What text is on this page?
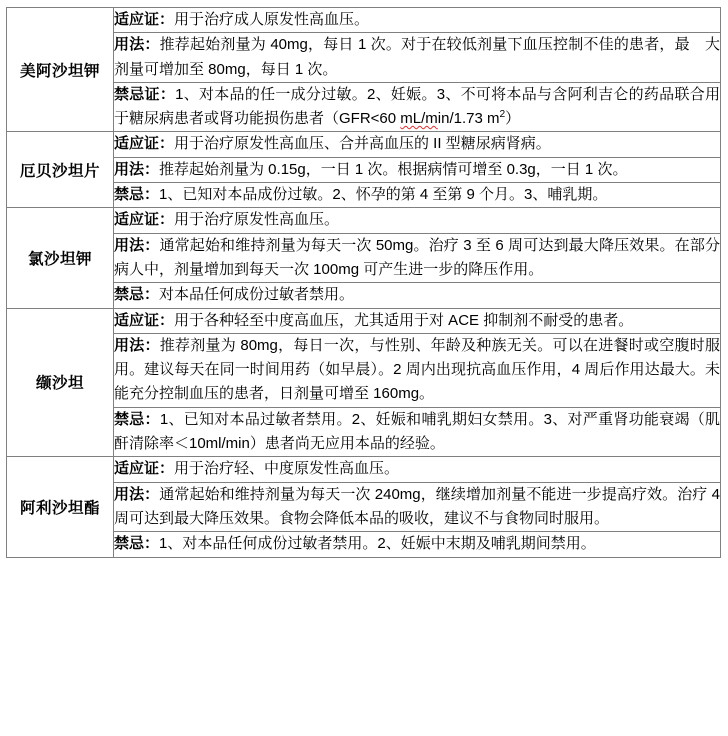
美阿沙坦钾	适应证：用于治疗成人原发性高血压。
	用法：推荐起始剂量为 40mg，每日 1 次。对于在较低剂量下血压控制不佳的患者，最　大剂量可增加至 80mg，每日 1 次。
	禁忌证：1、对本品的任一成分过敏。2、妊娠。3、不可将本品与含阿利吉仑的药品联合用于糖尿病患者或肾功能损伤患者（GFR<60 mL/min/1.73 $m^2$）
厄贝沙坦片	适应证：用于治疗原发性高血压、合并高血压的 II 型糖尿病肾病。
	用法：推荐起始剂量为 0.15g，一日 1 次。根据病情可增至 0.3g，一日 1 次。
	禁忌：1、已知对本品成份过敏。2、怀孕的第 4 至第 9 个月。3、哺乳期。
氯沙坦钾	适应证：用于治疗原发性高血压。
	用法：通常起始和维持剂量为每天一次 50mg。治疗 3 至 6 周可达到最大降压效果。在部分病人中，剂量增加到每天一次 100mg 可产生进一步的降压作用。
	禁忌：对本品任何成份过敏者禁用。
缬沙坦	适应证：用于各种轻至中度高血压，尤其适用于对 ACE 抑制剂不耐受的患者。
	用法：推荐剂量为 80mg，每日一次，与性别、年龄及种族无关。可以在进餐时或空腹时服用。建议每天在同一时间用药（如早晨）。2 周内出现抗高血压作用，4 周后作用达最大。未能充分控制血压的患者，日剂量可增至 160mg。
	禁忌：1、已知对本品过敏者禁用。2、妊娠和哺乳期妇女禁用。3、对严重肾功能衰竭（肌酐清除率＜10ml/min）患者尚无应用本品的经验。
阿利沙坦酯	适应证：用于治疗轻、中度原发性高血压。
	用法：通常起始和维持剂量为每天一次 240mg，继续增加剂量不能进一步提高疗效。治疗 4 周可达到最大降压效果。食物会降低本品的吸收，建议不与食物同时服用。
	禁忌：1、对本品任何成份过敏者禁用。2、妊娠中末期及哺乳期间禁用。
